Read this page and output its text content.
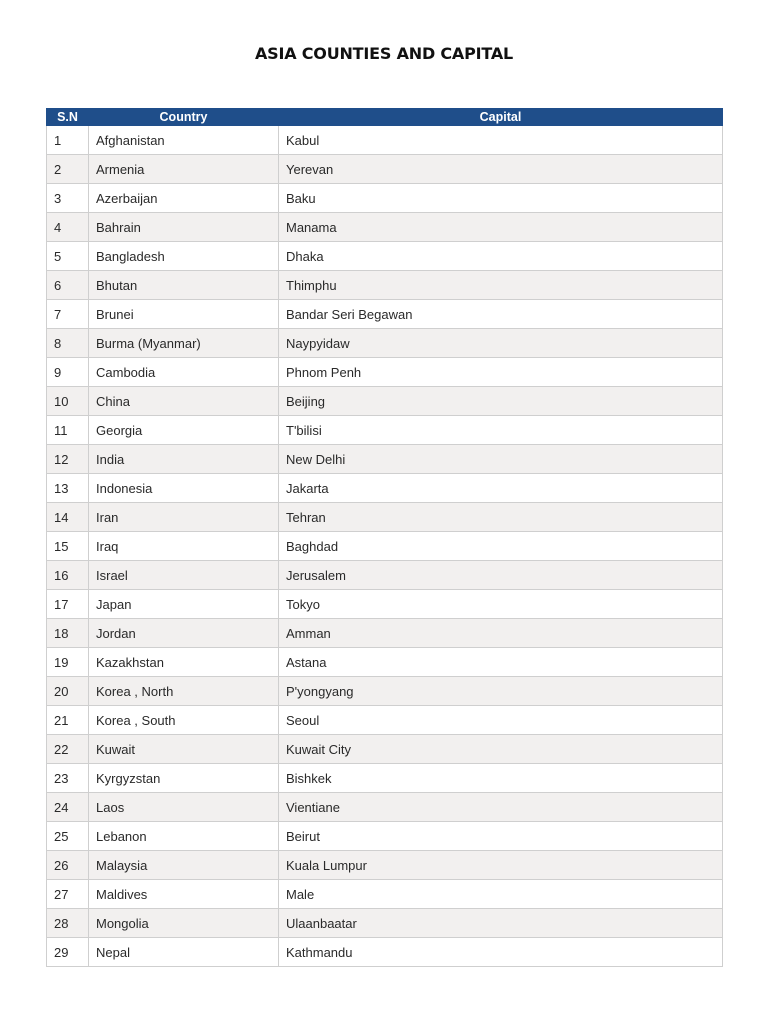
ASIA COUNTIES AND CAPITAL
S.N	Country	Capital
1	Afghanistan	Kabul
2	Armenia	Yerevan
3	Azerbaijan	Baku
4	Bahrain	Manama
5	Bangladesh	Dhaka
6	Bhutan	Thimphu
7	Brunei	Bandar Seri Begawan
8	Burma (Myanmar)	Naypyidaw
9	Cambodia	Phnom Penh
10	China	Beijing
11	Georgia	T'bilisi
12	India	New Delhi
13	Indonesia	Jakarta
14	Iran	Tehran
15	Iraq	Baghdad
16	Israel	Jerusalem
17	Japan	Tokyo
18	Jordan	Amman
19	Kazakhstan	Astana
20	Korea , North	P'yongyang
21	Korea , South	Seoul
22	Kuwait	Kuwait City
23	Kyrgyzstan	Bishkek
24	Laos	Vientiane
25	Lebanon	Beirut
26	Malaysia	Kuala Lumpur
27	Maldives	Male
28	Mongolia	Ulaanbaatar
29	Nepal	Kathmandu
